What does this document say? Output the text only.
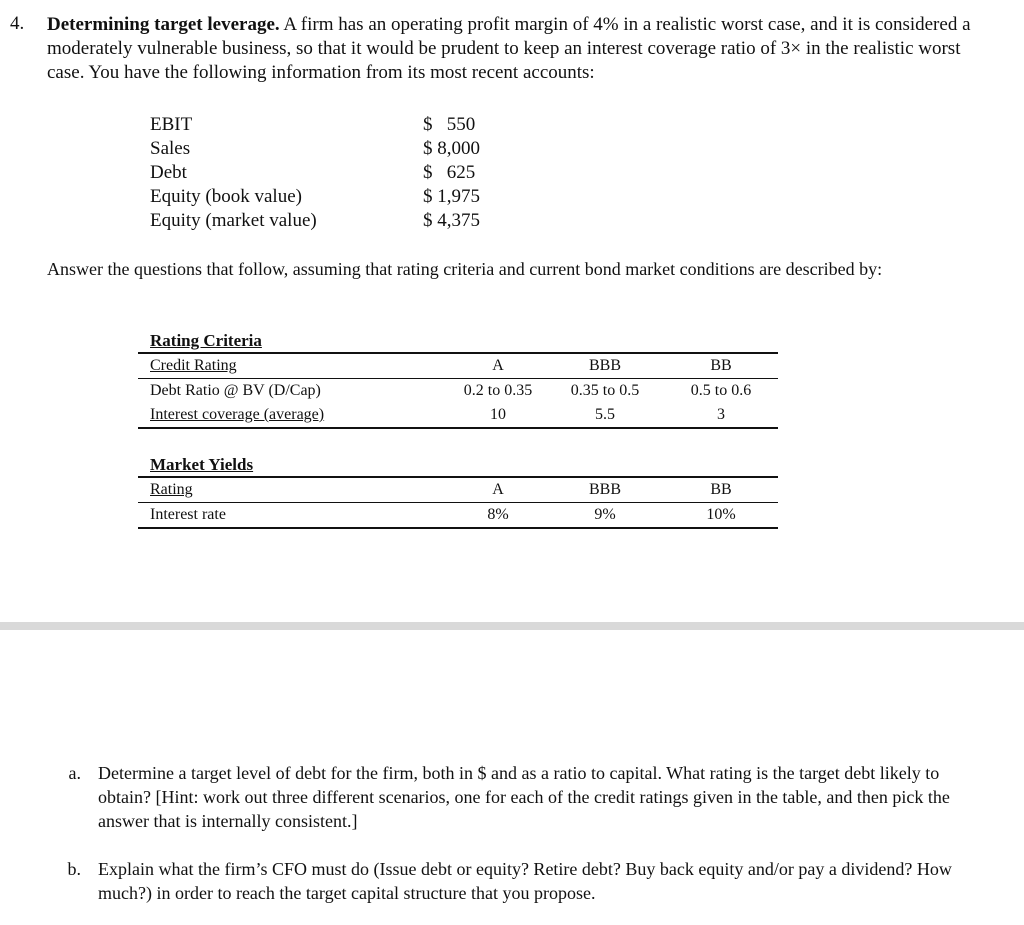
4. Determining target leverage. A firm has an operating profit margin of 4% in a realistic worst case, and it is considered a moderately vulnerable business, so that it would be prudent to keep an interest coverage ratio of 3× in the realistic worst case. You have the following information from its most recent accounts:
EBIT	$   550
Sales	$ 8,000
Debt	$   625
Equity (book value)	$ 1,975
Equity (market value)	$ 4,375
Answer the questions that follow, assuming that rating criteria and current bond market conditions are described by:
Rating Criteria			
Credit Rating	A	BBB	BB
Debt Ratio @ BV (D/Cap)	0.2 to 0.35	0.35 to 0.5	0.5 to 0.6
Interest coverage (average)	10	5.5	3
Market Yields			
Rating	A	BBB	BB
Interest rate	8%	9%	10%
a. Determine a target level of debt for the firm, both in $ and as a ratio to capital. What rating is the target debt likely to obtain? [Hint: work out three different scenarios, one for each of the credit ratings given in the table, and then pick the answer that is internally consistent.]
b. Explain what the firm’s CFO must do (Issue debt or equity? Retire debt? Buy back equity and/or pay a dividend? How much?) in order to reach the target capital structure that you propose.
